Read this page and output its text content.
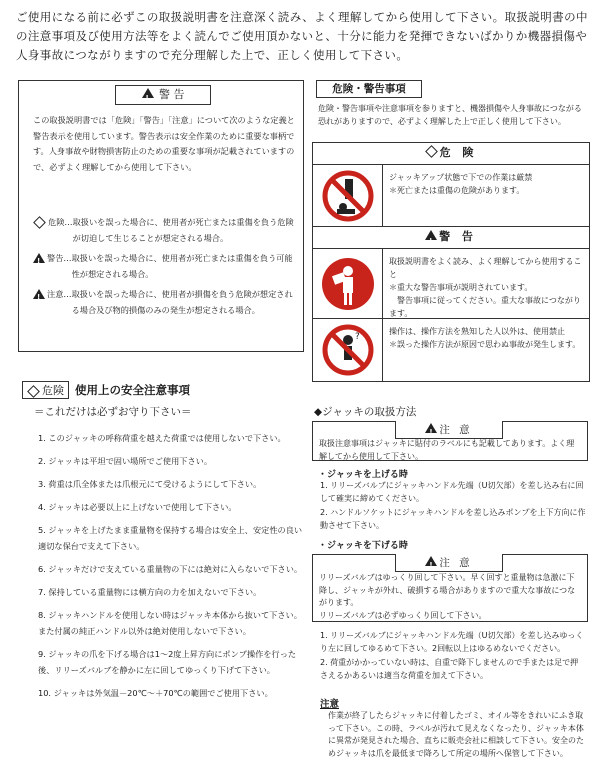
ご使用になる前に必ずこの取扱説明書を注意深く読み、よく理解してから使用して下さい。取扱説明書の中の注意事項及び使用方法等をよく読んでご使用頂かないと、十分に能力を発揮できないばかりか機器損傷や人身事故につながりますので充分理解した上で、正しく使用して下さい。
! 警 告
この取扱説明書では「危険」「警告」「注意」について次のような定義と警告表示を使用しています。警告表示は安全作業のために重要な事柄です。人身事故や財物損害防止のための重要な事項が記載されていますので、必ずよく理解してから使用して下さい。
危険… 取扱いを誤った場合に、使用者が死亡または重傷を負う危険が切迫して生じることが想定される場合。
!
警告… 取扱いを誤った場合に、使用者が死亡または重傷を負う可能性が想定される場合。
!
注意… 取扱いを誤った場合に、使用者が損傷を負う危険が想定される場合及び物的損傷のみの発生が想定される場合。
危険 使用上の安全注意事項
＝これだけは必ずお守り下さい＝
1. このジャッキの呼称荷重を越えた荷重では使用しないで下さい。
2. ジャッキは平坦で固い場所でご使用下さい。
3. 荷重は爪全体または爪根元にて受けるようにして下さい。
4. ジャッキは必要以上に上げないで使用して下さい。
5. ジャッキを上げたまま重量物を保持する場合は安全上、安定性の良い適切な保台で支えて下さい。
6. ジャッキだけで支えている重量物の下には絶対に入らないで下さい。
7. 保持している重量物には横方向の力を加えないで下さい。
8. ジャッキハンドルを使用しない時はジャッキ本体から抜いて下さい。また付属の純正ハンドル以外は絶対使用しないで下さい。
9. ジャッキの爪を下げる場合は1～2度上昇方向にポンプ操作を行った後、リリーズバルブを静かに左に回してゆっくり下げて下さい。
10. ジャッキは外気温－20℃～＋70℃の範囲でご使用下さい。
危険・警告事項
危険・警告事項や注意事項を参りますと、機器損傷や人身事故につながる恐れがありますので、必ずよく理解した上で正しく使用して下さい。
危 険
ジャッキアップ状態で下での作業は厳禁
＊死亡または重傷の危険があります。
!警 告
取扱説明書をよく読み、よく理解してから使用すること
＊重大な警告事項が説明されています。
　警告事項に従ってください。重大な事故につながります。
?
操作は、操作方法を熟知した人以外は、使用禁止
＊誤った操作方法が原因で思わぬ事故が発生します。
◆ジャッキの取扱方法
!注 意
取扱注意事項はジャッキに貼付のラベルにも記載してあります。よく理解してから使用して下さい。
・ジャッキを上げる時
1. リリーズバルブにジャッキハンドル先端（U切欠部）を差し込み右に回して確実に締めてください。
2. ハンドルソケットにジャッキハンドルを差し込みポンプを上下方向に作動させて下さい。
・ジャッキを下げる時
!注 意
リリーズバルブはゆっくり回して下さい。早く回すと重量物は急激に下降し、ジャッキが外れ、破損する場合がありますので重大な事故につながります。
リリーズバルブは必ずゆっくり回して下さい。
1. リリーズバルブにジャッキハンドル先端（U切欠部）を差し込みゆっくり左に回してゆるめて下さい。2回転以上はゆるめないでください。
2. 荷重がかかっていない時は、自重で降下しませんので手または足で押さえるかあるいは適当な荷重を加えて下さい。
注意
作業が終了したらジャッキに付着したゴミ、オイル等をきれいにふき取って下さい。この時、ラベルが汚れて見えなくなったり、ジャッキ本体に異常が発見された場合、直ちに販売会社に相談して下さい。安全のためジャッキは爪を最低まで降ろして所定の場所へ保管して下さい。
